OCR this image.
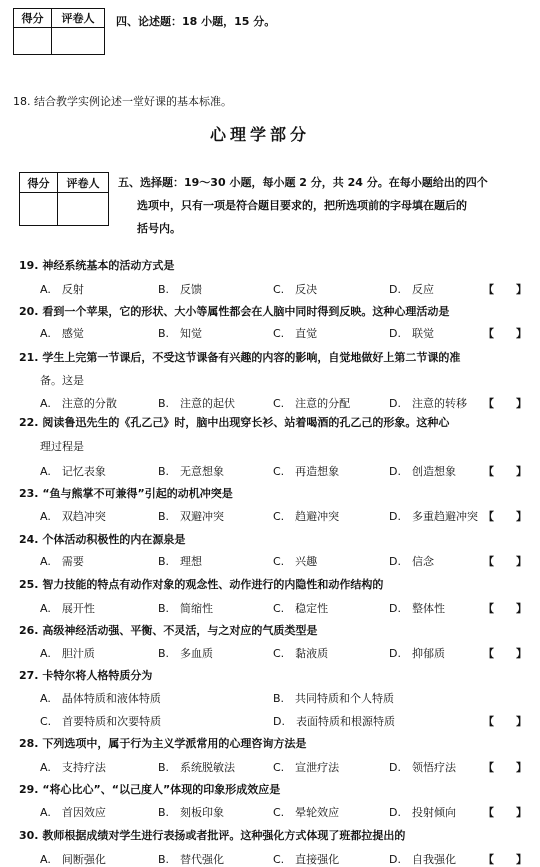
得分	评卷人
	四、论述题：18 小题，15 分。
18. 结合教学实例论述一堂好课的基本标准。
心理学部分
得分	评卷人
	五、选择题：19～30 小题，每小题 2 分，共 24 分。在每小题给出的四个
选项中，只有一项是符合题目要求的，把所选项前的字母填在题后的
括号内。
19. 神经系统基本的活动方式是
A.　反射	B.　反馈	C.　反决	D.　反应	【　　】
20. 看到一个苹果，它的形状、大小等属性都会在人脑中同时得到反映。这种心理活动是
A.　感觉	B.　知觉	C.　直觉	D.　联觉	【　　】
21. 学生上完第一节课后，不受这节课备有兴趣的内容的影响，自觉地做好上第二节课的准
备。这是
A.　注意的分散	B.　注意的起伏	C.　注意的分配	D.　注意的转移 【　　】
22. 阅读鲁迅先生的《孔乙己》时，脑中出现穿长衫、站着喝酒的孔乙己的形象。这种心
理过程是
A.　记忆表象	B.　无意想象	C.　再造想象	D.　创造想象 【　　】
23. “鱼与熊掌不可兼得”引起的动机冲突是
A.　双趋冲突	B.　双避冲突	C.　趋避冲突	D.　多重趋避冲突 【　　】
24. 个体活动积极性的内在源泉是
A.　需要	B.　理想	C.　兴趣	D.　信念	【　　】
25. 智力技能的特点有动作对象的观念性、动作进行的内隐性和动作结构的
A.　展开性	B.　简缩性	C.　稳定性	D.　整体性	【　　】
26. 高级神经活动强、平衡、不灵活，与之对应的气质类型是
A.　胆汁质	B.　多血质	C.　黏液质	D.　抑郁质	【　　】
27. 卡特尔将人格特质分为
A.　晶体特质和液体特质	B.　共同特质和个人特质
C.　首要特质和次要特质	D.　表面特质和根源特质	【　　】
28. 下列选项中，属于行为主义学派常用的心理咨询方法是
A.　支持疗法	B.　系统脱敏法	C.　宣泄疗法	D.　领悟疗法 【　　】
29. “将心比心”、“以己度人”体现的印象形成效应是
A.　首因效应	B.　刻板印象	C.　晕轮效应	D.　投射倾向 【　　】
30. 教师根据成绩对学生进行表扬或者批评。这种强化方式体现了班都拉提出的
A.　间断强化	B.　替代强化	C.　直接强化	D.　自我强化 【　　】
